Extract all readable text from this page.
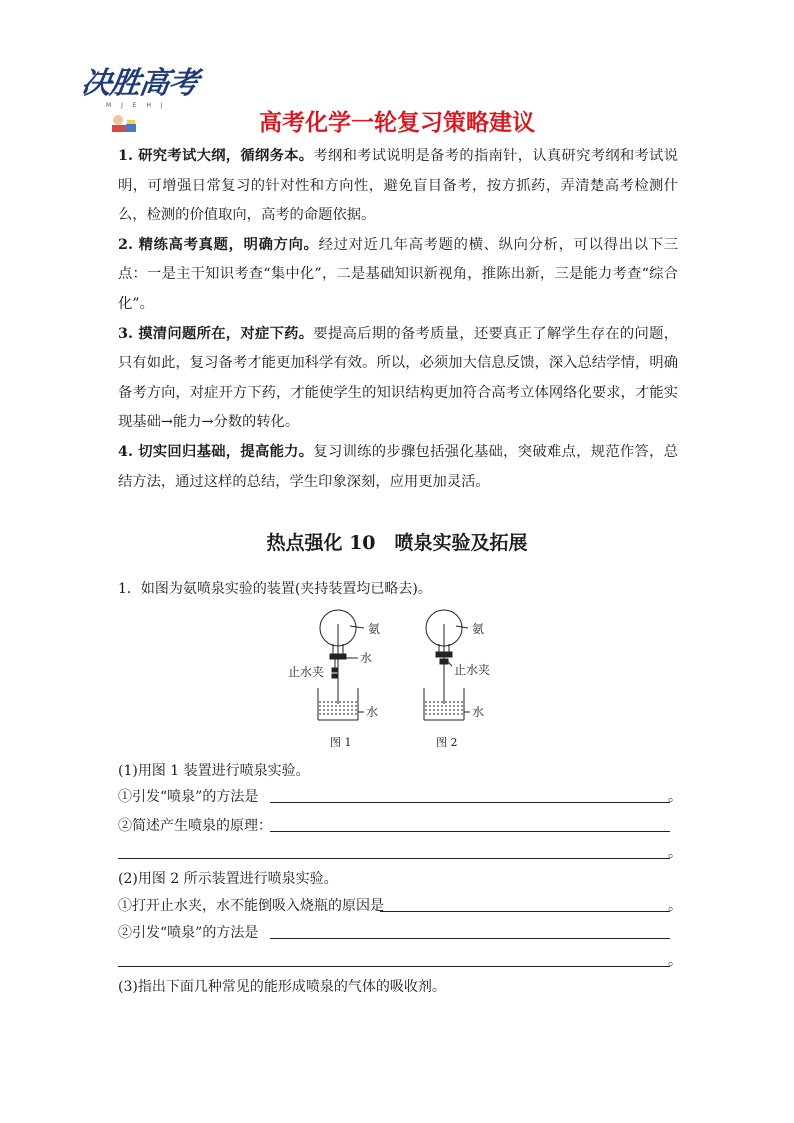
决胜高考
M J E H J
高考化学一轮复习策略建议

1. 研究考试大纲，循纲务本。考纲和考试说明是备考的指南针，认真研究考纲和考试说明，可增强日常复习的针对性和方向性，避免盲目备考，按方抓药，弄清楚高考检测什么，检测的价值取向，高考的命题依据。

2. 精练高考真题，明确方向。经过对近几年高考题的横、纵向分析，可以得出以下三点：一是主干知识考查“集中化”，二是基础知识新视角，推陈出新，三是能力考查“综合化”。

3. 摸清问题所在，对症下药。要提高后期的备考质量，还要真正了解学生存在的问题，只有如此，复习备考才能更加科学有效。所以，必须加大信息反馈，深入总结学情，明确备考方向，对症开方下药，才能使学生的知识结构更加符合高考立体网络化要求，才能实现基础→能力→分数的转化。

4. 切实回归基础，提高能力。复习训练的步骤包括强化基础，突破难点，规范作答，总结方法，通过这样的总结，学生印象深刻，应用更加灵活。

热点强化 10　喷泉实验及拓展
1．如图为氨喷泉实验的装置(夹持装置均已略去)。
氨
水
止水夹
水
图 1
氨
止水夹
水
图 2
(1)用图 1 装置进行喷泉实验。
①引发“喷泉”的方法是	。
②简述产生喷泉的原理：
。
(2)用图 2 所示装置进行喷泉实验。
①打开止水夹，水不能倒吸入烧瓶的原因是	。
②引发“喷泉”的方法是
。
(3)指出下面几种常见的能形成喷泉的气体的吸收剂。
